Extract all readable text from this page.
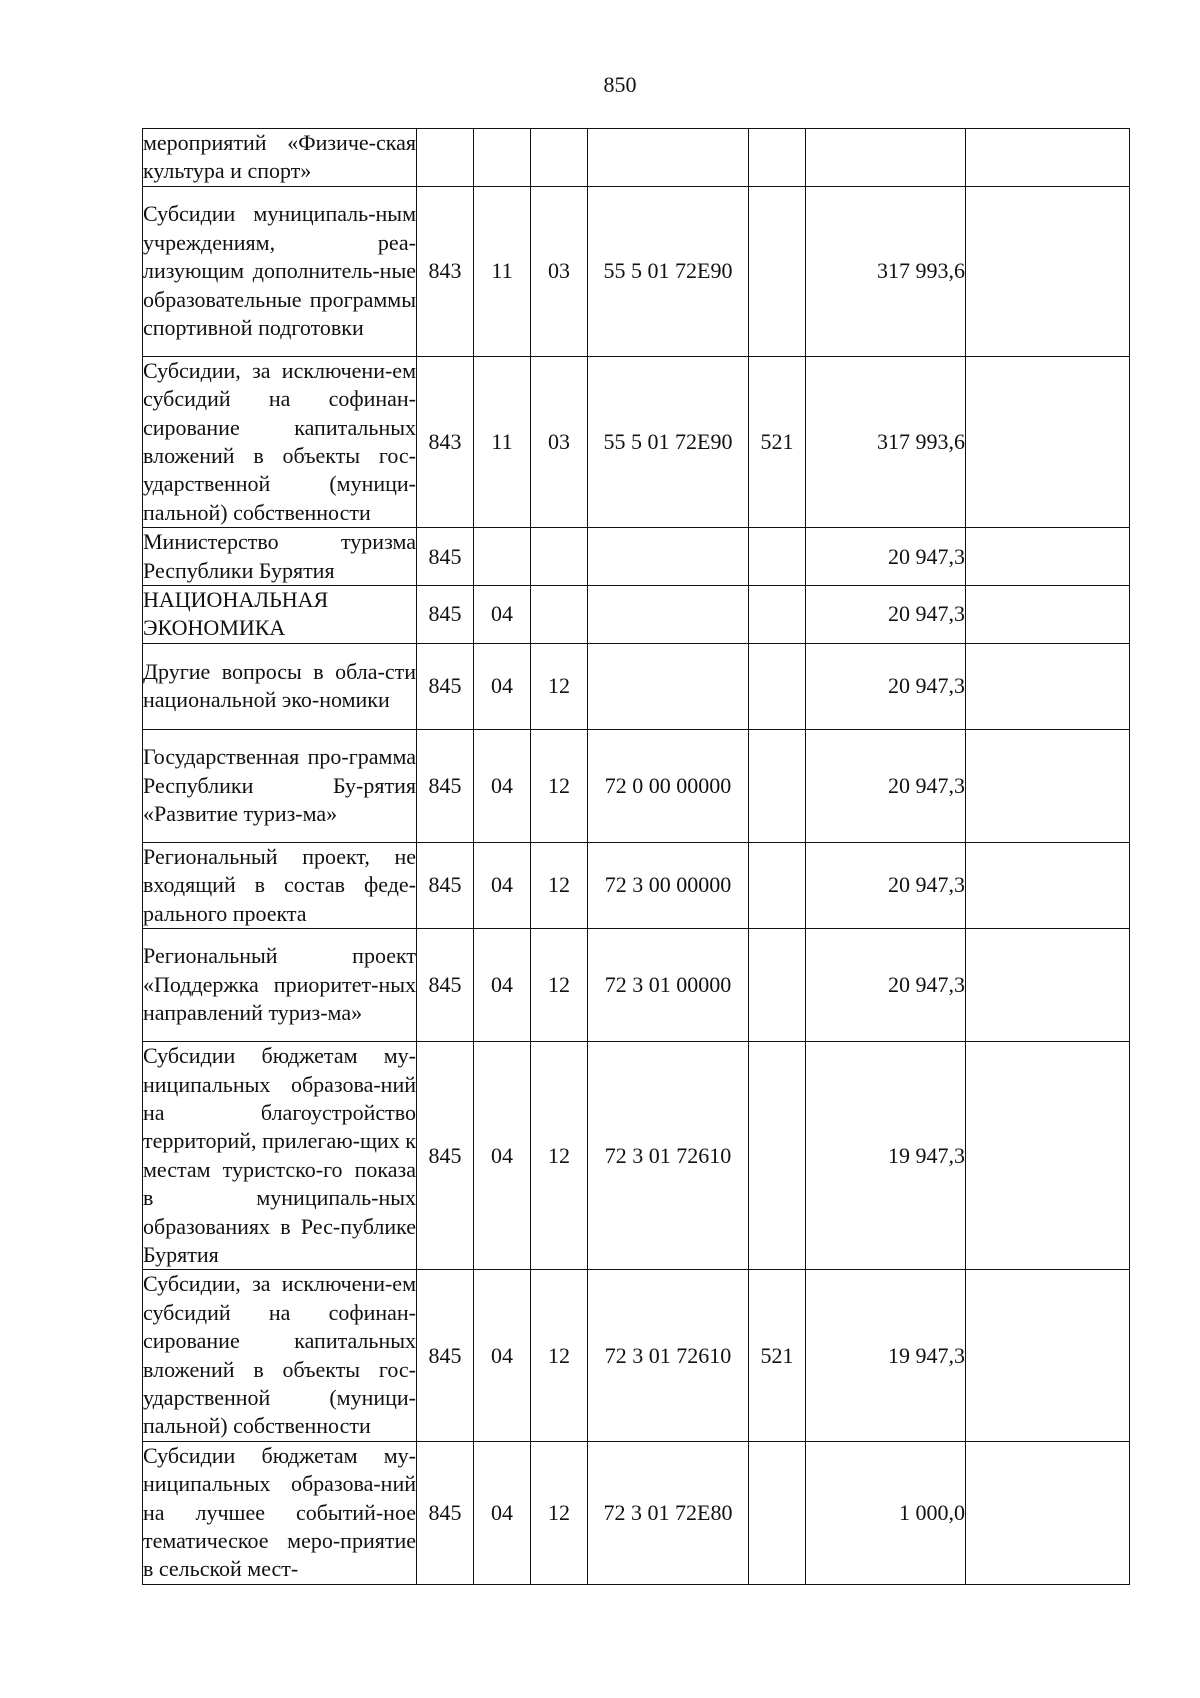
850
мероприятий «Физиче-ская культура и спорт»							
Субсидии муниципаль-ным учреждениям, реа-лизующим дополнитель-ные образовательные программы спортивной подготовки	843	11	03	55 5 01 72E90		317 993,6	
Субсидии, за исключени-ем субсидий на софинан-сирование капитальных вложений в объекты гос-ударственной (муници-пальной) собственности	843	11	03	55 5 01 72E90	521	317 993,6	
Министерство туризма Республики Бурятия	845					20 947,3	
НАЦИОНАЛЬНАЯ ЭКОНОМИКА	845	04				20 947,3	
Другие вопросы в обла-сти национальной эко-номики	845	04	12			20 947,3	
Государственная про-грамма Республики Бу-рятия «Развитие туриз-ма»	845	04	12	72 0 00 00000		20 947,3	
Региональный проект, не входящий в состав феде-рального проекта	845	04	12	72 3 00 00000		20 947,3	
Региональный проект «Поддержка приоритет-ных направлений туриз-ма»	845	04	12	72 3 01 00000		20 947,3	
Субсидии бюджетам му-ниципальных образова-ний на благоустройство территорий, прилегаю-щих к местам туристско-го показа в муниципаль-ных образованиях в Рес-публике Бурятия	845	04	12	72 3 01 72610		19 947,3	
Субсидии, за исключени-ем субсидий на софинан-сирование капитальных вложений в объекты гос-ударственной (муници-пальной) собственности	845	04	12	72 3 01 72610	521	19 947,3	
Субсидии бюджетам му-ниципальных образова-ний на лучшее событий-ное тематическое меро-приятие в сельской мест-	845	04	12	72 3 01 72E80		1 000,0	
